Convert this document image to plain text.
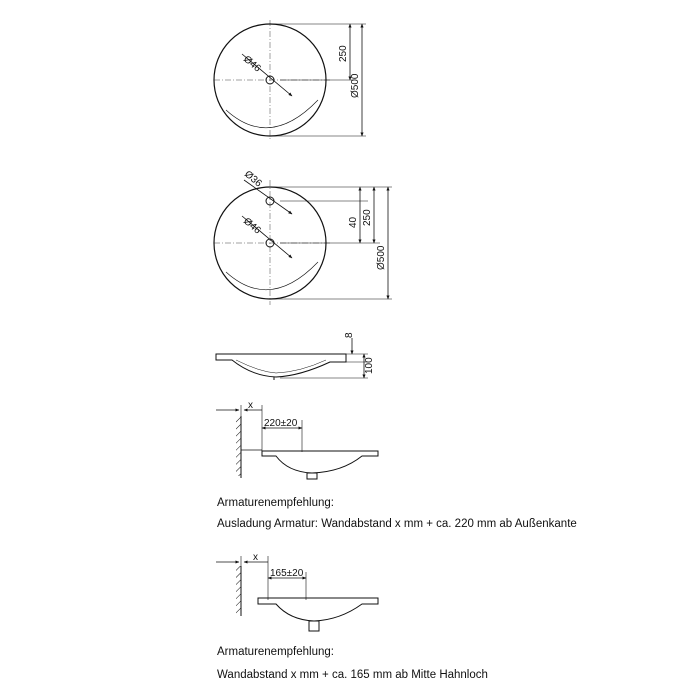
Ø46
250
Ø500
Ø36
Ø46	40 250
Ø500
8
100
x
220±20
Armaturenempfehlung:
Ausladung Armatur: Wandabstand x mm + ca. 220 mm ab Außenkante
x
165±20
Armaturenempfehlung:
Wandabstand x mm + ca. 165 mm ab Mitte Hahnloch
